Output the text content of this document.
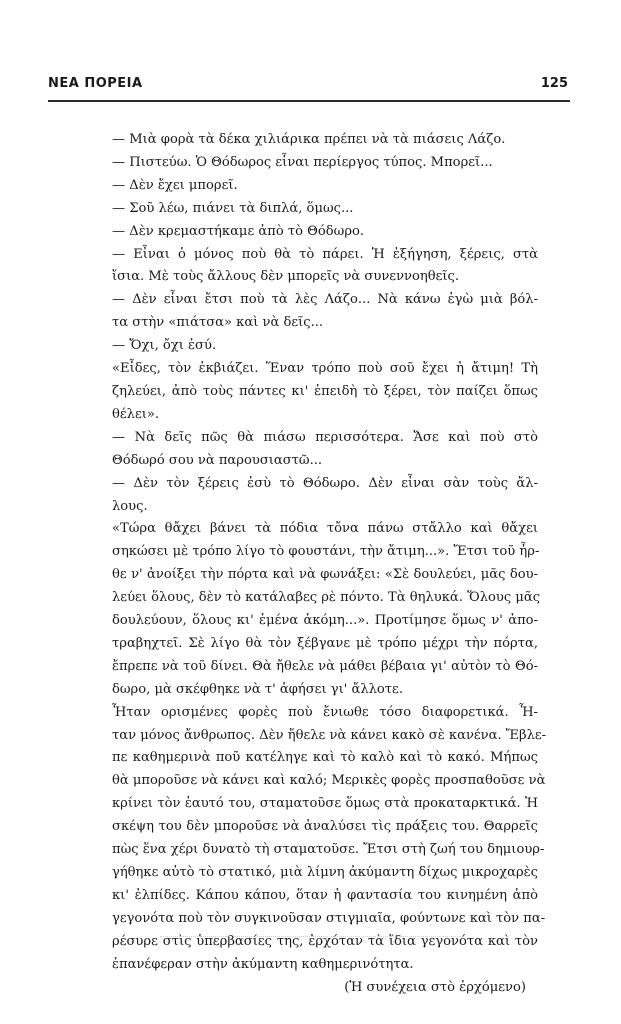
ΝΕΑ ΠΟΡΕΙΑ	125

— Μιὰ φορὰ τὰ δέκα χιλιάρικα πρέπει νὰ τὰ πιάσεις Λάζο.

— Πιστεύω. Ὁ Θόδωρος εἶναι περίεργος τύπος. Μπορεῖ...

— Δὲν ἔχει μπορεῖ.

— Σοῦ λέω, πιάνει τὰ διπλά, ὅμως...

— Δὲν κρεμαστήκαμε ἀπὸ τὸ Θόδωρο.

— Εἶναι ὁ μόνος ποὺ θὰ τὸ πάρει. Ἡ ἐξήγηση, ξέρεις, στὰ
ἴσια. Μὲ τοὺς ἄλλους δὲν μπορεῖς νὰ συνεννοηθεῖς.

— Δὲν εἶναι ἔτσι ποὺ τὰ λὲς Λάζο... Νὰ κάνω ἐγὼ μιὰ βόλ-
τα στὴν «πιάτσα» καὶ νὰ δεῖς...

— Ὄχι, ὄχι ἐσύ.

«Εἶδες, τὸν ἐκβιάζει. Ἕναν τρόπο ποὺ σοῦ ἔχει ἡ ἄτιμη! Τὴ
ζηλεύει, ἀπὸ τοὺς πάντες κι' ἐπειδὴ τὸ ξέρει, τὸν παίζει ὅπως
θέλει».

— Νὰ δεῖς πῶς θὰ πιάσω περισσότερα. Ἄσε καὶ ποὺ στὸ
Θόδωρό σου νὰ παρουσιαστῶ...

— Δὲν τὸν ξέρεις ἐσὺ τὸ Θόδωρο. Δὲν εἶναι σὰν τοὺς ἄλ-
λους.

«Τώρα θἄχει βάνει τὰ πόδια τὄνα πάνω στἄλλο καὶ θἄχει
σηκώσει μὲ τρόπο λίγο τὸ φουστάνι, τὴν ἄτιμη...». Ἔτσι τοῦ ἦρ-
θε ν' ἀνοίξει τὴν πόρτα καὶ νὰ φωνάξει: «Σὲ δουλεύει, μᾶς δου-
λεύει ὅλους, δὲν τὸ κατάλαβες ρὲ πόντο. Τὰ θηλυκά. Ὅλους μᾶς
δουλεύουν, ὅλους κι' ἐμένα ἀκόμη...». Προτίμησε ὅμως ν' ἀπο-
τραβηχτεῖ. Σὲ λίγο θὰ τὸν ξέβγανε μὲ τρόπο μέχρι τὴν πόρτα,
ἔπρεπε νὰ τοῦ δίνει. Θὰ ἤθελε νὰ μάθει βέβαια γι' αὐτὸν τὸ Θό-
δωρο, μὰ σκέφθηκε νὰ τ' ἀφήσει γι' ἄλλοτε.

Ἦταν ορισμένες φορὲς ποὺ ἔνιωθε τόσο διαφορετικά. Ἦ-
ταν μόνος ἄνθρωπος. Δὲν ἤθελε νὰ κάνει κακὸ σὲ κανένα. Ἔβλε-
πε καθημερινὰ ποῦ κατέληγε καὶ τὸ καλὸ καὶ τὸ κακό. Μήπως
θὰ μποροῦσε νὰ κάνει καὶ καλό; Μερικὲς φορὲς προσπαθοῦσε νὰ
κρίνει τὸν ἑαυτό του, σταματοῦσε ὅμως στὰ προκαταρκτικά. Ἡ
σκέψη του δὲν μποροῦσε νὰ ἀναλύσει τὶς πράξεις του. Θαρρεῖς
πὼς ἕνα χέρι δυνατὸ τὴ σταματοῦσε. Ἔτσι στὴ ζωή του δημιουρ-
γήθηκε αὐτὸ τὸ στατικό, μιὰ λίμνη ἀκύμαντη δίχως μικροχαρὲς
κι' ἐλπίδες. Κάπου κάπου, ὅταν ἡ φαντασία του κινημένη ἀπὸ
γεγονότα ποὺ τὸν συγκινοῦσαν στιγμιαῖα, φούντωνε καὶ τὸν πα-
ρέσυρε στὶς ὑπερβασίες της, ἐρχόταν τὰ ἴδια γεγονότα καὶ τὸν
ἐπανέφεραν στὴν ἀκύμαντη καθημερινότητα.

(Ἡ συνέχεια στὸ ἐρχόμενο)
